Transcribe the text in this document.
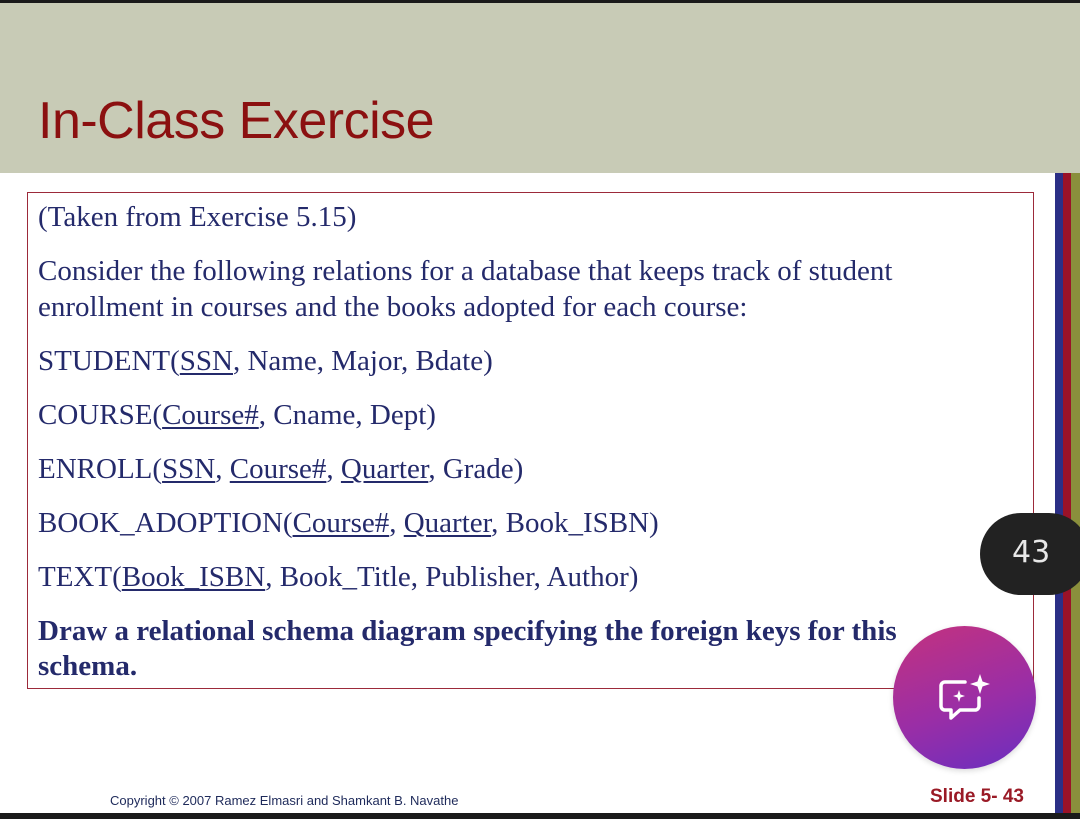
In-Class Exercise
(Taken from Exercise 5.15)
Consider the following relations for a database that keeps track of student
enrollment in courses and the books adopted for each course:
STUDENT(SSN, Name, Major, Bdate)
COURSE(Course#, Cname, Dept)
ENROLL(SSN, Course#, Quarter, Grade)
BOOK_ADOPTION(Course#, Quarter, Book_ISBN)
TEXT(Book_ISBN, Book_Title, Publisher, Author)
Draw a relational schema diagram specifying the foreign keys for this
schema.
Copyright © 2007 Ramez Elmasri and Shamkant B. Navathe	Slide 5- 43
43
